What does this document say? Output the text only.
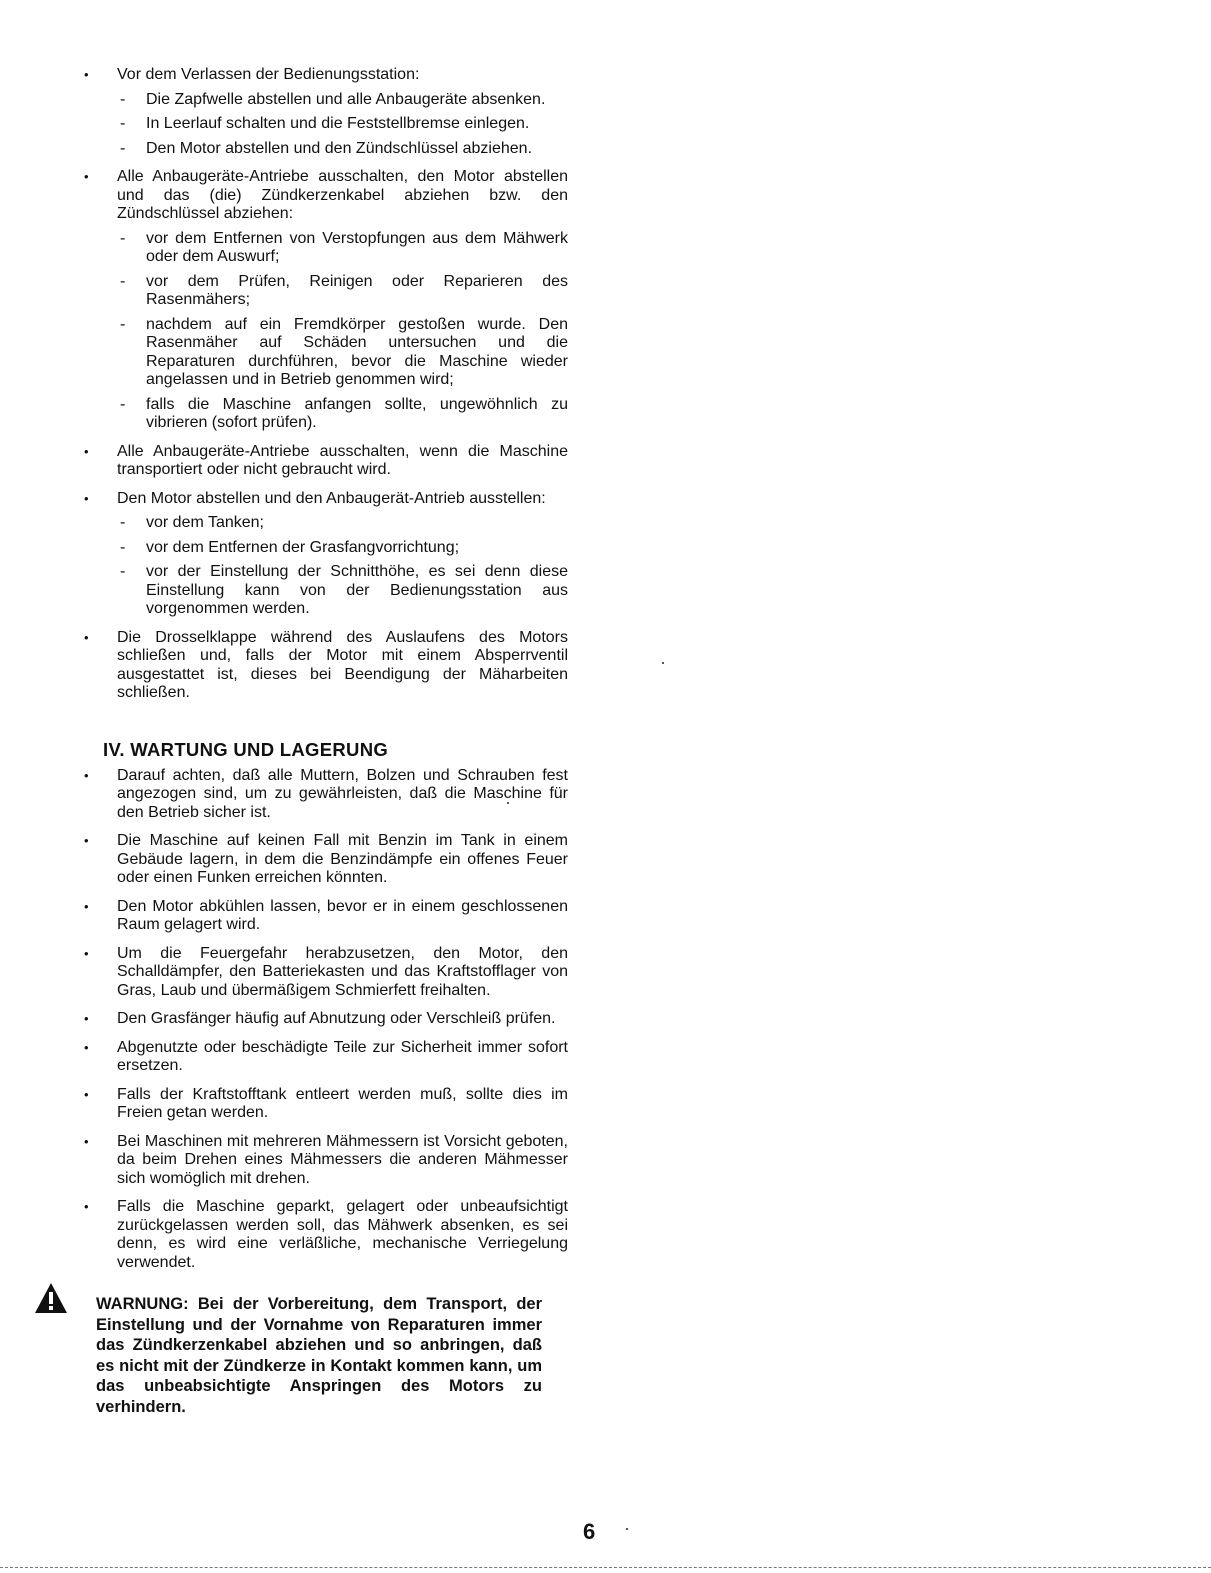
• Vor dem Verlassen der Bedienungsstation:
- Die Zapfwelle abstellen und alle Anbaugeräte absenken.
- In Leerlauf schalten und die Feststellbremse einlegen.
- Den Motor abstellen und den Zündschlüssel abziehen.
• Alle Anbaugeräte-Antriebe ausschalten, den Motor abstellen und das (die) Zündkerzenkabel abziehen bzw. den Zündschlüssel abziehen:
- vor dem Entfernen von Verstopfungen aus dem Mähwerk oder dem Auswurf;
- vor dem Prüfen, Reinigen oder Reparieren des Rasenmähers;
- nachdem auf ein Fremdkörper gestoßen wurde. Den Rasenmäher auf Schäden untersuchen und die Reparaturen durchführen, bevor die Maschine wieder angelassen und in Betrieb genommen wird;
- falls die Maschine anfangen sollte, ungewöhnlich zu vibrieren (sofort prüfen).
• Alle Anbaugeräte-Antriebe ausschalten, wenn die Maschine transportiert oder nicht gebraucht wird.
• Den Motor abstellen und den Anbaugerät-Antrieb ausstellen:
- vor dem Tanken;
- vor dem Entfernen der Grasfangvorrichtung;
- vor der Einstellung der Schnitthöhe, es sei denn diese Einstellung kann von der Bedienungsstation aus vorgenommen werden.
• Die Drosselklappe während des Auslaufens des Motors schließen und, falls der Motor mit einem Absperrventil ausgestattet ist, dieses bei Beendigung der Mäharbeiten schließen.
IV. WARTUNG UND LAGERUNG
• Darauf achten, daß alle Muttern, Bolzen und Schrauben fest angezogen sind, um zu gewährleisten, daß die Maschine für den Betrieb sicher ist.
• Die Maschine auf keinen Fall mit Benzin im Tank in einem Gebäude lagern, in dem die Benzindämpfe ein offenes Feuer oder einen Funken erreichen könnten.
• Den Motor abkühlen lassen, bevor er in einem geschlossenen Raum gelagert wird.
• Um die Feuergefahr herabzusetzen, den Motor, den Schalldämpfer, den Batteriekasten und das Kraftstofflager von Gras, Laub und übermäßigem Schmierfett freihalten.
• Den Grasfänger häufig auf Abnutzung oder Verschleiß prüfen.
• Abgenutzte oder beschädigte Teile zur Sicherheit immer sofort ersetzen.
• Falls der Kraftstofftank entleert werden muß, sollte dies im Freien getan werden.
• Bei Maschinen mit mehreren Mähmessern ist Vorsicht geboten, da beim Drehen eines Mähmessers die anderen Mähmesser sich womöglich mit drehen.
• Falls die Maschine geparkt, gelagert oder unbeaufsichtigt zurückgelassen werden soll, das Mähwerk absenken, es sei denn, es wird eine verläßliche, mechanische Verriegelung verwendet.
WARNUNG: Bei der Vorbereitung, dem Transport, der Einstellung und der Vornahme von Reparaturen immer das Zündkerzenkabel abziehen und so anbringen, daß es nicht mit der Zündkerze in Kontakt kommen kann, um das unbeabsichtigte Anspringen des Motors zu verhindern.
6
